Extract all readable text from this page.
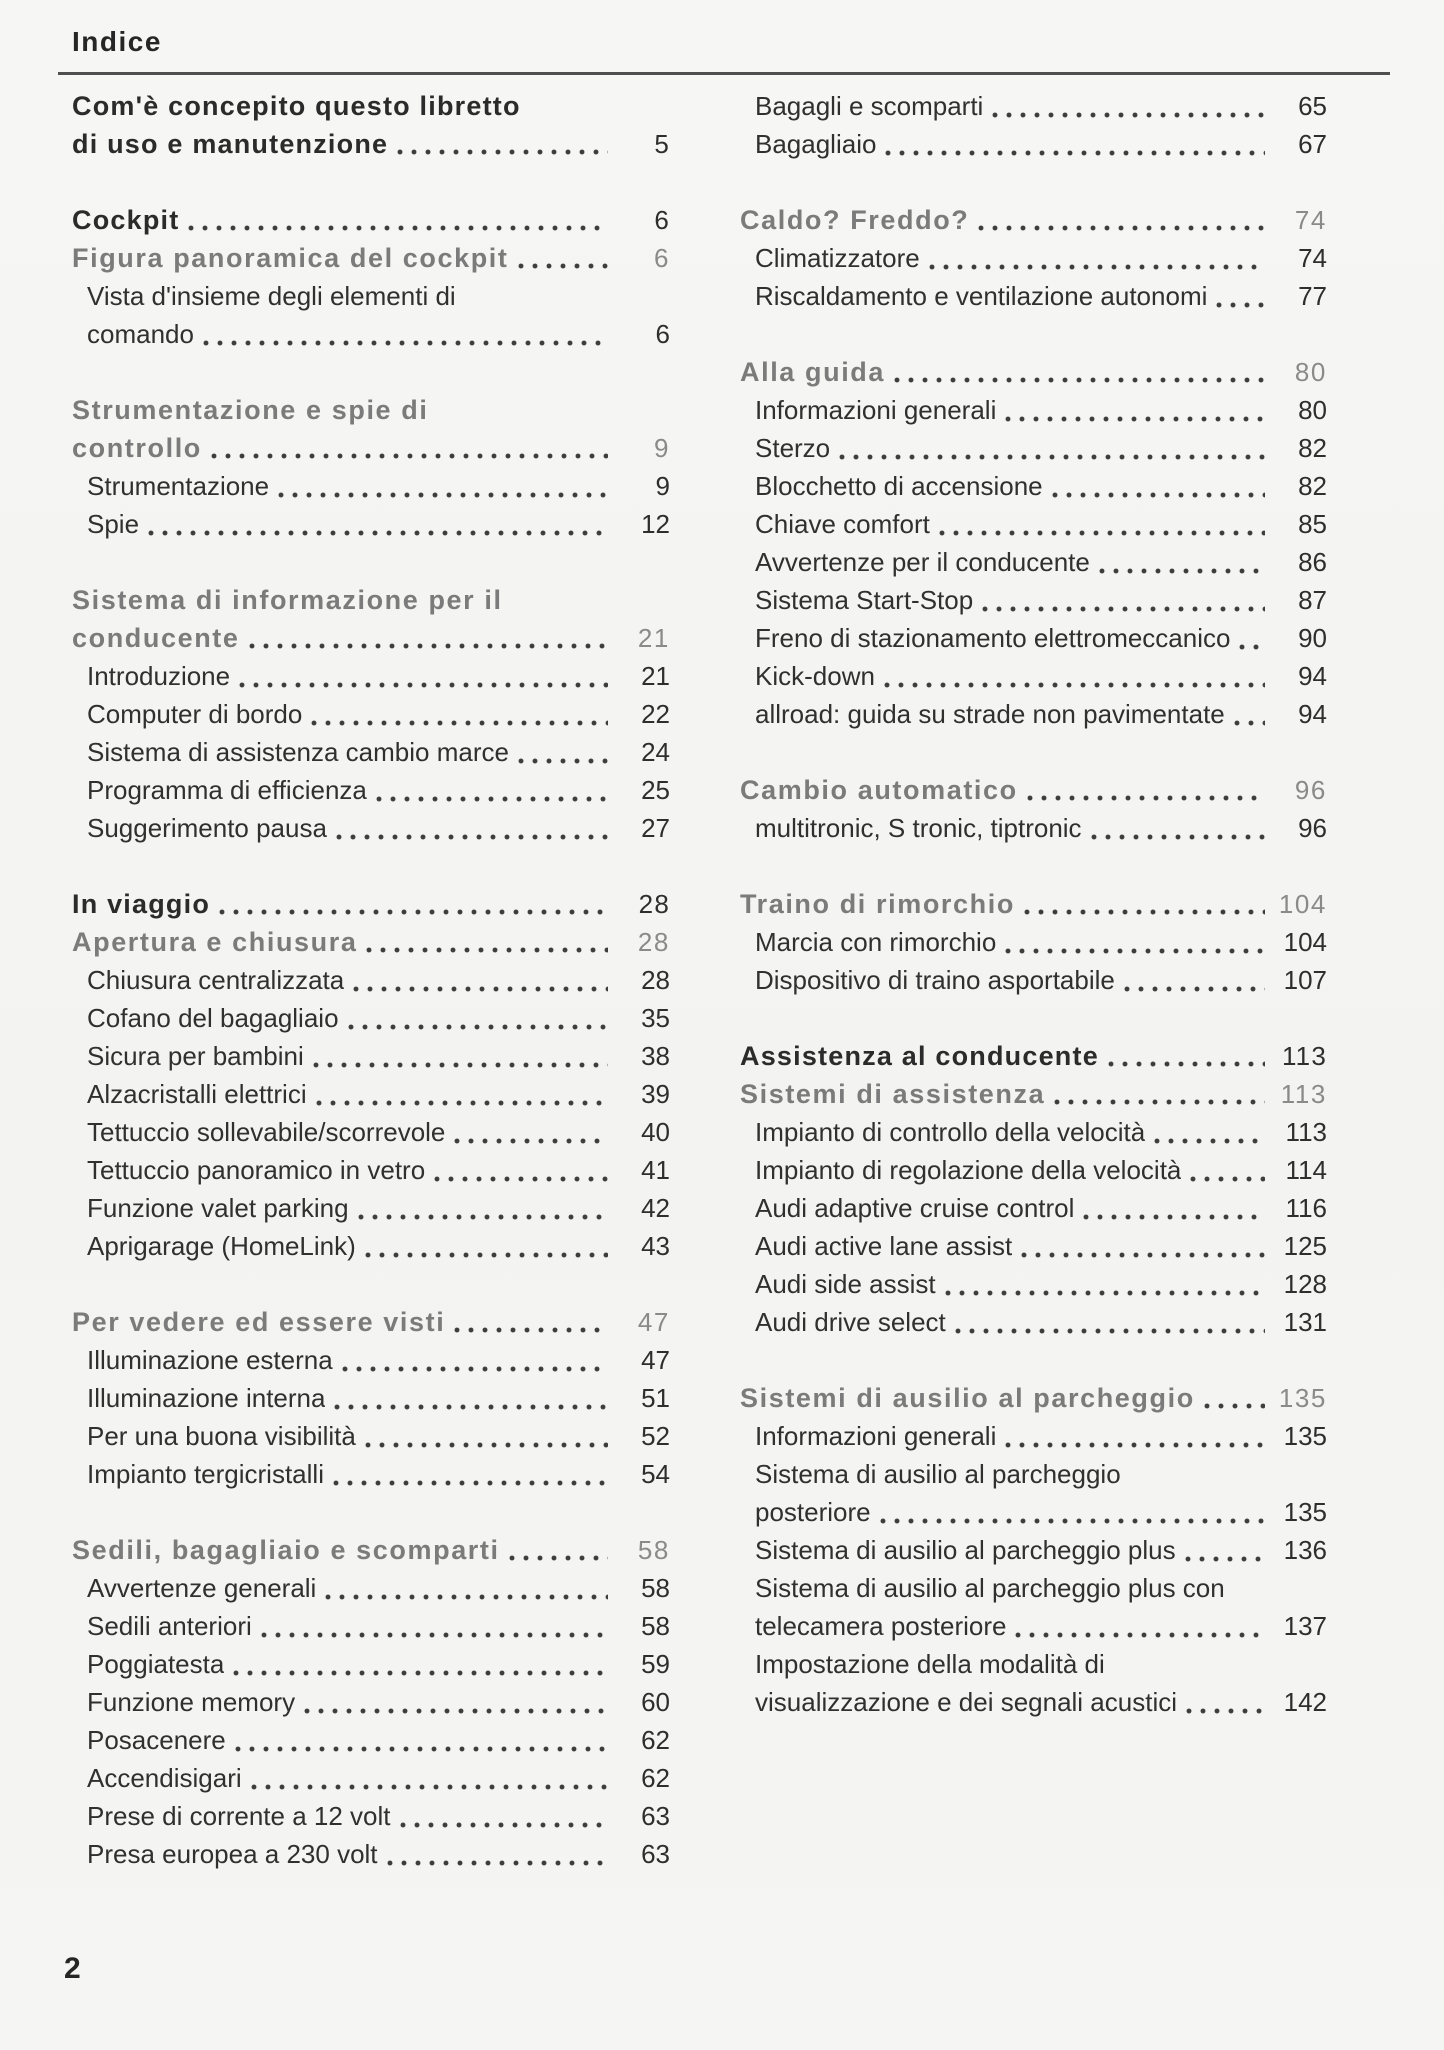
Indice
Com'è concepito questo libretto
di uso e manutenzione	5
Cockpit	6
Figura panoramica del cockpit	6
Vista d'insieme degli elementi di
comando	6
Strumentazione e spie di
controllo	9
Strumentazione	9
Spie	12
Sistema di informazione per il
conducente	21
Introduzione	21
Computer di bordo	22
Sistema di assistenza cambio marce	24
Programma di efficienza	25
Suggerimento pausa	27
In viaggio	28
Apertura e chiusura	28
Chiusura centralizzata	28
Cofano del bagagliaio	35
Sicura per bambini	38
Alzacristalli elettrici	39
Tettuccio sollevabile/scorrevole	40
Tettuccio panoramico in vetro	41
Funzione valet parking	42
Aprigarage (HomeLink)	43
Per vedere ed essere visti	47
Illuminazione esterna	47
Illuminazione interna	51
Per una buona visibilità	52
Impianto tergicristalli	54
Sedili, bagagliaio e scomparti	58
Avvertenze generali	58
Sedili anteriori	58
Poggiatesta	59
Funzione memory	60
Posacenere	62
Accendisigari	62
Prese di corrente a 12 volt	63
Presa europea a 230 volt	63
Bagagli e scomparti	65
Bagagliaio	67
Caldo? Freddo?	74
Climatizzatore	74
Riscaldamento e ventilazione autonomi	77
Alla guida	80
Informazioni generali	80
Sterzo	82
Blocchetto di accensione	82
Chiave comfort	85
Avvertenze per il conducente	86
Sistema Start-Stop	87
Freno di stazionamento elettromeccanico	90
Kick-down	94
allroad: guida su strade non pavimentate	94
Cambio automatico	96
multitronic, S tronic, tiptronic	96
Traino di rimorchio	104
Marcia con rimorchio	104
Dispositivo di traino asportabile	107
Assistenza al conducente	113
Sistemi di assistenza	113
Impianto di controllo della velocità	113
Impianto di regolazione della velocità	114
Audi adaptive cruise control	116
Audi active lane assist	125
Audi side assist	128
Audi drive select	131
Sistemi di ausilio al parcheggio	135
Informazioni generali	135
Sistema di ausilio al parcheggio
posteriore	135
Sistema di ausilio al parcheggio plus	136
Sistema di ausilio al parcheggio plus con
telecamera posteriore	137
Impostazione della modalità di
visualizzazione e dei segnali acustici	142
2
